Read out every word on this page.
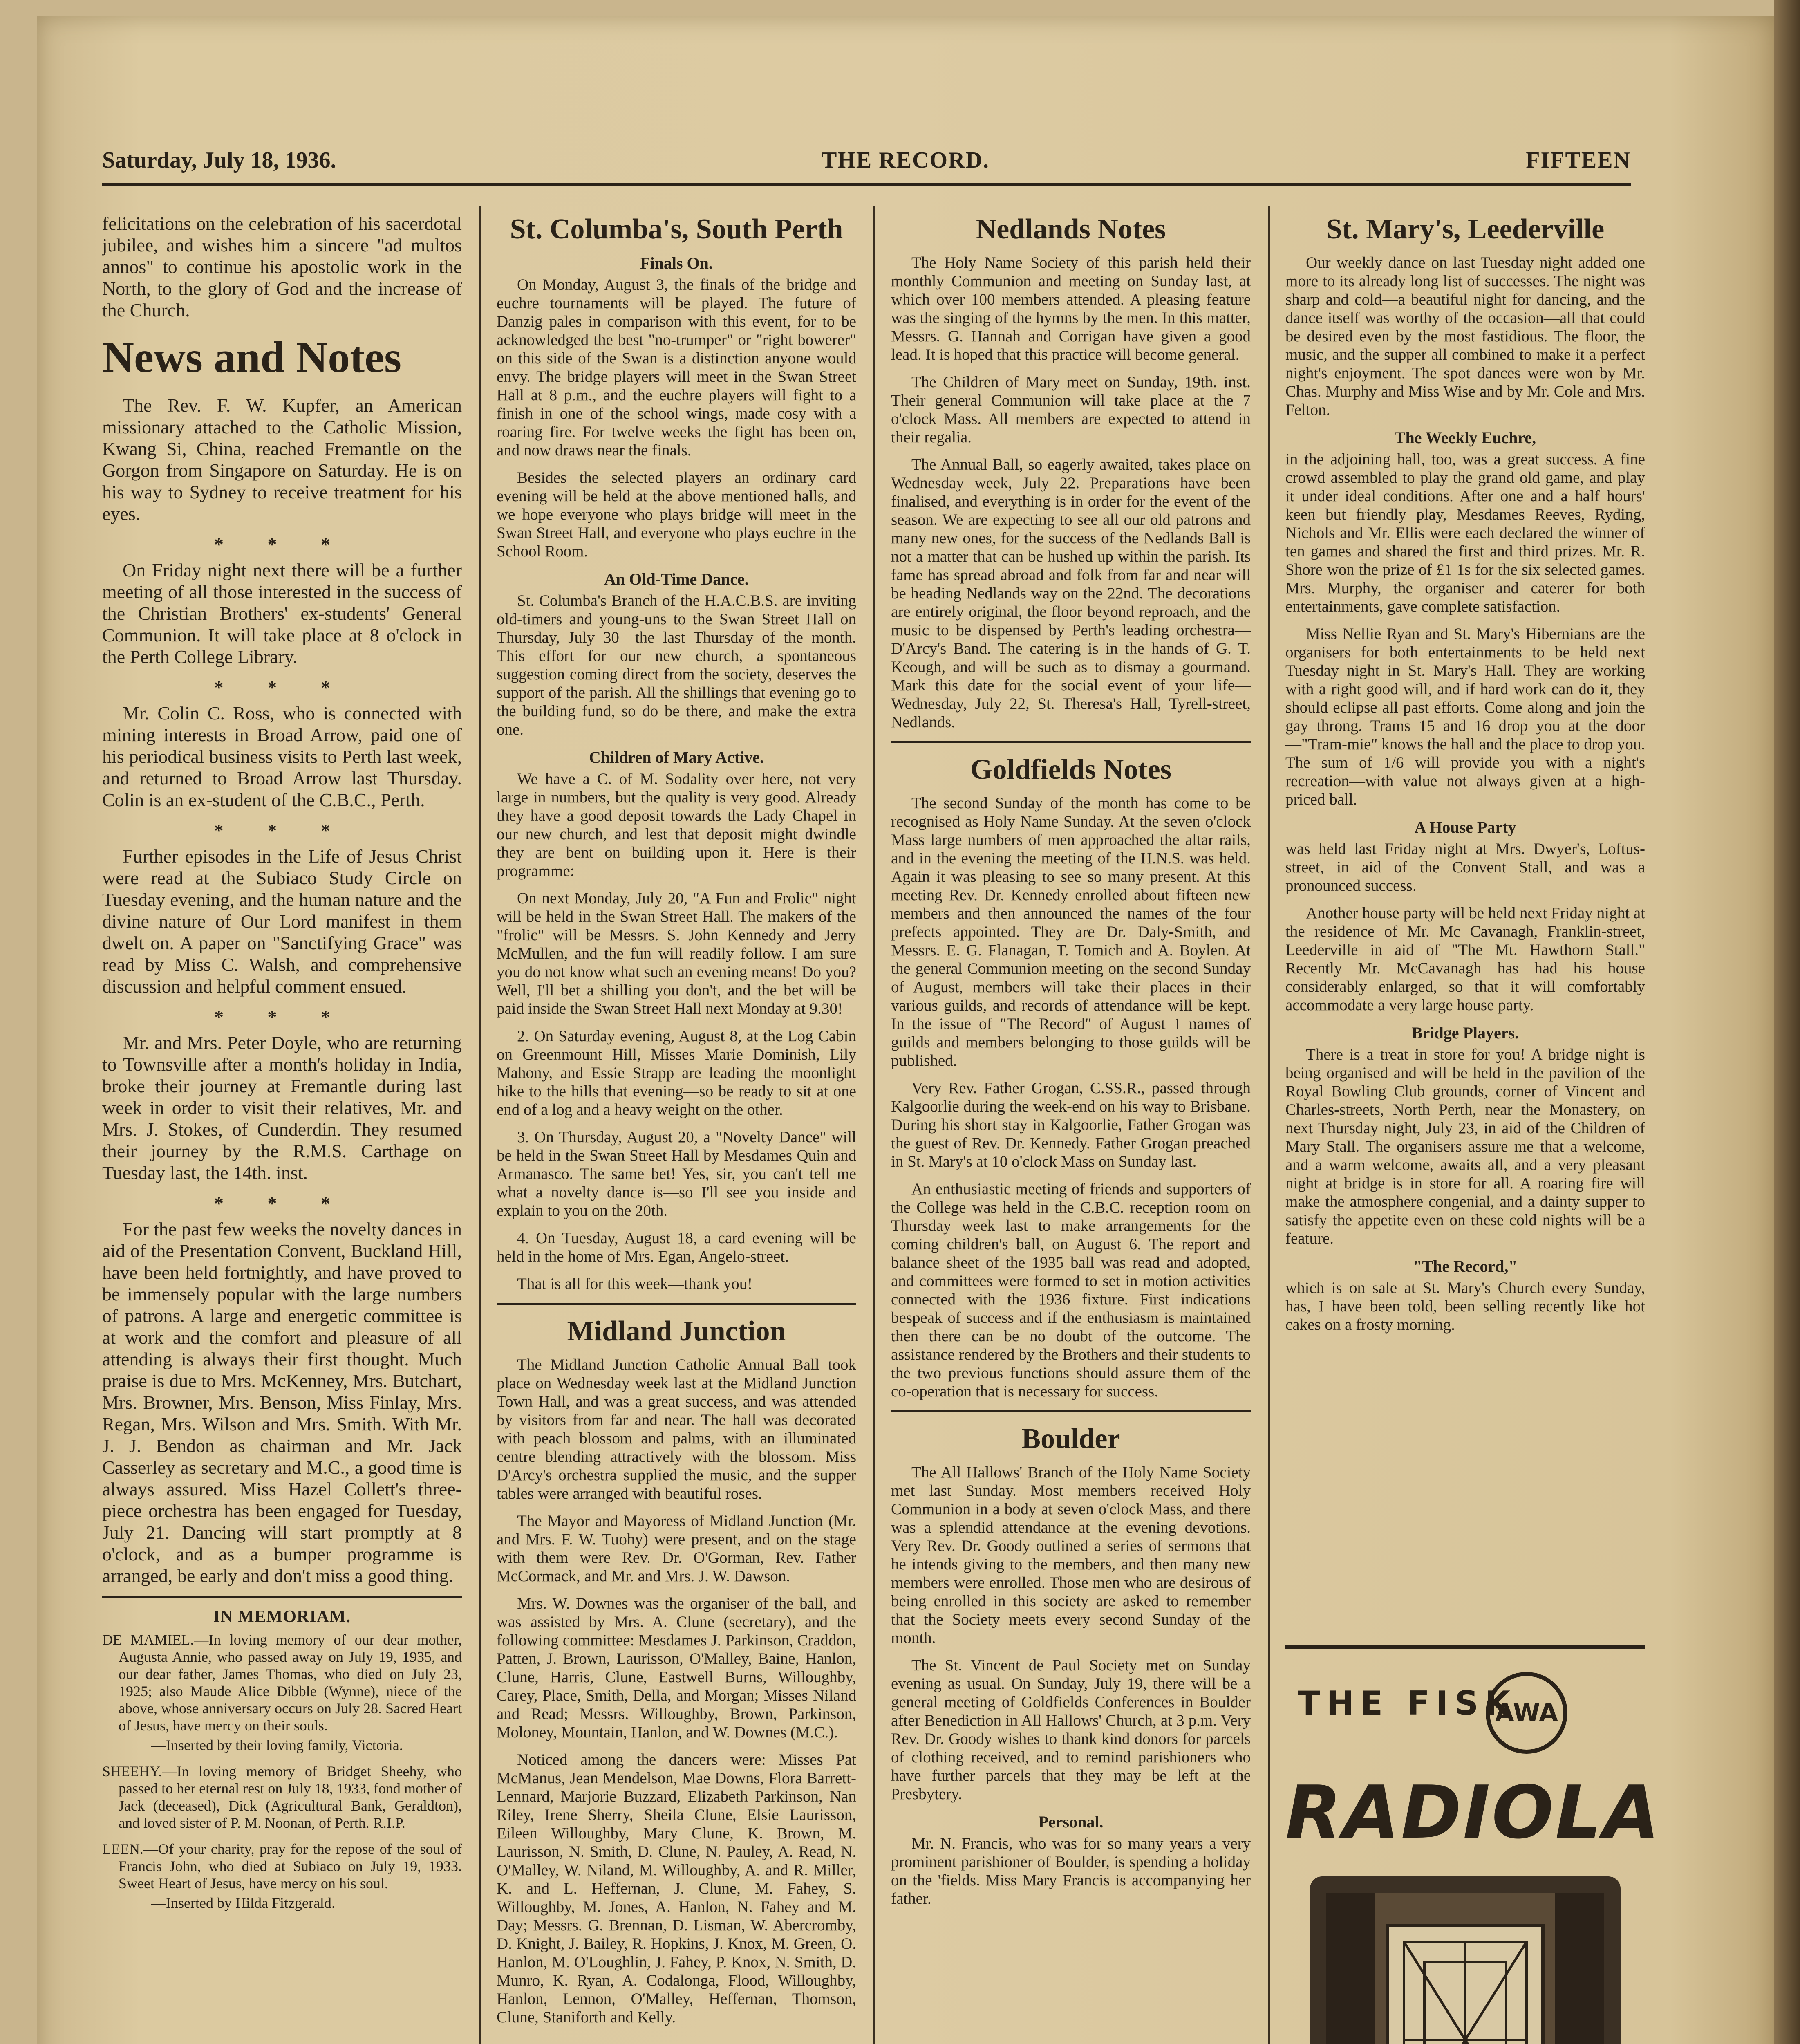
Saturday, July 18, 1936.	THE RECORD.	FIFTEEN

felicitations on the celebration of his sacerdotal jubilee, and wishes him a sincere "ad multos annos" to continue his apostolic work in the North, to the glory of God and the increase of the Church.

News and Notes

The Rev. F. W. Kupfer, an American missionary attached to the Catholic Mission, Kwang Si, China, reached Fremantle on the Gorgon from Singapore on Saturday. He is on his way to Sydney to receive treatment for his eyes.

* * *

On Friday night next there will be a further meeting of all those interested in the success of the Christian Brothers' ex-students' General Communion. It will take place at 8 o'clock in the Perth College Library.

* * *

Mr. Colin C. Ross, who is connected with mining interests in Broad Arrow, paid one of his periodical business visits to Perth last week, and returned to Broad Arrow last Thursday. Colin is an ex-student of the C.B.C., Perth.

* * *

Further episodes in the Life of Jesus Christ were read at the Subiaco Study Circle on Tuesday evening, and the human nature and the divine nature of Our Lord manifest in them dwelt on. A paper on "Sanctifying Grace" was read by Miss C. Walsh, and comprehensive discussion and helpful comment ensued.

* * *

Mr. and Mrs. Peter Doyle, who are returning to Townsville after a month's holiday in India, broke their journey at Fremantle during last week in order to visit their relatives, Mr. and Mrs. J. Stokes, of Cunderdin. They resumed their journey by the R.M.S. Carthage on Tuesday last, the 14th. inst.

* * *

For the past few weeks the novelty dances in aid of the Presentation Convent, Buckland Hill, have been held fortnightly, and have proved to be immensely popular with the large numbers of patrons. A large and energetic committee is at work and the comfort and pleasure of all attending is always their first thought. Much praise is due to Mrs. McKenney, Mrs. Butchart, Mrs. Browner, Mrs. Benson, Miss Finlay, Mrs. Regan, Mrs. Wilson and Mrs. Smith. With Mr. J. J. Bendon as chairman and Mr. Jack Casserley as secretary and M.C., a good time is always assured. Miss Hazel Collett's three-piece orchestra has been engaged for Tuesday, July 21. Dancing will start promptly at 8 o'clock, and as a bumper programme is arranged, be early and don't miss a good thing.

IN MEMORIAM.

DE MAMIEL.—In loving memory of our dear mother, Augusta Annie, who passed away on July 19, 1935, and our dear father, James Thomas, who died on July 23, 1925; also Maude Alice Dibble (Wynne), niece of the above, whose anniversary occurs on July 28. Sacred Heart of Jesus, have mercy on their souls.

—Inserted by their loving family, Victoria.

SHEEHY.—In loving memory of Bridget Sheehy, who passed to her eternal rest on July 18, 1933, fond mother of Jack (deceased), Dick (Agricultural Bank, Geraldton), and loved sister of P. M. Noonan, of Perth. R.I.P.

LEEN.—Of your charity, pray for the repose of the soul of Francis John, who died at Subiaco on July 19, 1933. Sweet Heart of Jesus, have mercy on his soul.

—Inserted by Hilda Fitzgerald.

St. Columba's, South Perth
Finals On.

On Monday, August 3, the finals of the bridge and euchre tournaments will be played. The future of Danzig pales in comparison with this event, for to be acknowledged the best "no-trumper" or "right bowerer" on this side of the Swan is a distinction anyone would envy. The bridge players will meet in the Swan Street Hall at 8 p.m., and the euchre players will fight to a finish in one of the school wings, made cosy with a roaring fire. For twelve weeks the fight has been on, and now draws near the finals.

Besides the selected players an ordinary card evening will be held at the above mentioned halls, and we hope everyone who plays bridge will meet in the Swan Street Hall, and everyone who plays euchre in the School Room.

An Old-Time Dance.

St. Columba's Branch of the H.A.C.B.S. are inviting old-timers and young-uns to the Swan Street Hall on Thursday, July 30—the last Thursday of the month. This effort for our new church, a spontaneous suggestion coming direct from the society, deserves the support of the parish. All the shillings that evening go to the building fund, so do be there, and make the extra one.

Children of Mary Active.

We have a C. of M. Sodality over here, not very large in numbers, but the quality is very good. Already they have a good deposit towards the Lady Chapel in our new church, and lest that deposit might dwindle they are bent on building upon it. Here is their programme:

On next Monday, July 20, "A Fun and Frolic" night will be held in the Swan Street Hall. The makers of the "frolic" will be Messrs. S. John Kennedy and Jerry McMullen, and the fun will readily follow. I am sure you do not know what such an evening means! Do you? Well, I'll bet a shilling you don't, and the bet will be paid inside the Swan Street Hall next Monday at 9.30!

2. On Saturday evening, August 8, at the Log Cabin on Greenmount Hill, Misses Marie Dominish, Lily Mahony, and Essie Strapp are leading the moonlight hike to the hills that evening—so be ready to sit at one end of a log and a heavy weight on the other.

3. On Thursday, August 20, a "Novelty Dance" will be held in the Swan Street Hall by Mesdames Quin and Armanasco. The same bet! Yes, sir, you can't tell me what a novelty dance is—so I'll see you inside and explain to you on the 20th.

4. On Tuesday, August 18, a card evening will be held in the home of Mrs. Egan, Angelo-street.

That is all for this week—thank you!

Midland Junction

The Midland Junction Catholic Annual Ball took place on Wednesday week last at the Midland Junction Town Hall, and was a great success, and was attended by visitors from far and near. The hall was decorated with peach blossom and palms, with an illuminated centre blending attractively with the blossom. Miss D'Arcy's orchestra supplied the music, and the supper tables were arranged with beautiful roses.

The Mayor and Mayoress of Midland Junction (Mr. and Mrs. F. W. Tuohy) were present, and on the stage with them were Rev. Dr. O'Gorman, Rev. Father McCormack, and Mr. and Mrs. J. W. Dawson.

Mrs. W. Downes was the organiser of the ball, and was assisted by Mrs. A. Clune (secretary), and the following committee: Mesdames J. Parkinson, Craddon, Patten, J. Brown, Laurisson, O'Malley, Baine, Hanlon, Clune, Harris, Clune, Eastwell Burns, Willoughby, Carey, Place, Smith, Della, and Morgan; Misses Niland and Read; Messrs. Willoughby, Brown, Parkinson, Moloney, Mountain, Hanlon, and W. Downes (M.C.).

Noticed among the dancers were: Misses Pat McManus, Jean Mendelson, Mae Downs, Flora Barrett-Lennard, Marjorie Buzzard, Elizabeth Parkinson, Nan Riley, Irene Sherry, Sheila Clune, Elsie Laurisson, Eileen Willoughby, Mary Clune, K. Brown, M. Laurisson, N. Smith, D. Clune, N. Pauley, A. Read, N. O'Malley, W. Niland, M. Willoughby, A. and R. Miller, K. and L. Heffernan, J. Clune, M. Fahey, S. Willoughby, M. Jones, A. Hanlon, N. Fahey and M. Day; Messrs. G. Brennan, D. Lisman, W. Abercromby, D. Knight, J. Bailey, R. Hopkins, J. Knox, M. Green, O. Hanlon, M. O'Loughlin, J. Fahey, P. Knox, N. Smith, D. Munro, K. Ryan, A. Codalonga, Flood, Willoughby, Hanlon, Lennon, O'Malley, Heffernan, Thomson, Clune, Staniforth and Kelly.

Nedlands Notes

The Holy Name Society of this parish held their monthly Communion and meeting on Sunday last, at which over 100 members attended. A pleasing feature was the singing of the hymns by the men. In this matter, Messrs. G. Hannah and Corrigan have given a good lead. It is hoped that this practice will become general.

The Children of Mary meet on Sunday, 19th. inst. Their general Communion will take place at the 7 o'clock Mass. All members are expected to attend in their regalia.

The Annual Ball, so eagerly awaited, takes place on Wednesday week, July 22. Preparations have been finalised, and everything is in order for the event of the season. We are expecting to see all our old patrons and many new ones, for the success of the Nedlands Ball is not a matter that can be hushed up within the parish. Its fame has spread abroad and folk from far and near will be heading Nedlands way on the 22nd. The decorations are entirely original, the floor beyond reproach, and the music to be dispensed by Perth's leading orchestra—D'Arcy's Band. The catering is in the hands of G. T. Keough, and will be such as to dismay a gourmand. Mark this date for the social event of your life—Wednesday, July 22, St. Theresa's Hall, Tyrell-street, Nedlands.

Goldfields Notes

The second Sunday of the month has come to be recognised as Holy Name Sunday. At the seven o'clock Mass large numbers of men approached the altar rails, and in the evening the meeting of the H.N.S. was held. Again it was pleasing to see so many present. At this meeting Rev. Dr. Kennedy enrolled about fifteen new members and then announced the names of the four prefects appointed. They are Dr. Daly-Smith, and Messrs. E. G. Flanagan, T. Tomich and A. Boylen. At the general Communion meeting on the second Sunday of August, members will take their places in their various guilds, and records of attendance will be kept. In the issue of "The Record" of August 1 names of guilds and members belonging to those guilds will be published.

Very Rev. Father Grogan, C.SS.R., passed through Kalgoorlie during the week-end on his way to Brisbane. During his short stay in Kalgoorlie, Father Grogan was the guest of Rev. Dr. Kennedy. Father Grogan preached in St. Mary's at 10 o'clock Mass on Sunday last.

An enthusiastic meeting of friends and supporters of the College was held in the C.B.C. reception room on Thursday week last to make arrangements for the coming children's ball, on August 6. The report and balance sheet of the 1935 ball was read and adopted, and committees were formed to set in motion activities connected with the 1936 fixture. First indications bespeak of success and if the enthusiasm is maintained then there can be no doubt of the outcome. The assistance rendered by the Brothers and their students to the two previous functions should assure them of the co-operation that is necessary for success.

Boulder

The All Hallows' Branch of the Holy Name Society met last Sunday. Most members received Holy Communion in a body at seven o'clock Mass, and there was a splendid attendance at the evening devotions. Very Rev. Dr. Goody outlined a series of sermons that he intends giving to the members, and then many new members were enrolled. Those men who are desirous of being enrolled in this society are asked to remember that the Society meets every second Sunday of the month.

The St. Vincent de Paul Society met on Sunday evening as usual. On Sunday, July 19, there will be a general meeting of Goldfields Conferences in Boulder after Benediction in All Hallows' Church, at 3 p.m. Very Rev. Dr. Goody wishes to thank kind donors for parcels of clothing received, and to remind parishioners who have further parcels that they may be left at the Presbytery.

Personal.

Mr. N. Francis, who was for so many years a very prominent parishioner of Boulder, is spending a holiday on the 'fields. Miss Mary Francis is accompanying her father.

St. Mary's, Leederville

Our weekly dance on last Tuesday night added one more to its already long list of successes. The night was sharp and cold—a beautiful night for dancing, and the dance itself was worthy of the occasion—all that could be desired even by the most fastidious. The floor, the music, and the supper all combined to make it a perfect night's enjoyment. The spot dances were won by Mr. Chas. Murphy and Miss Wise and by Mr. Cole and Mrs. Felton.

The Weekly Euchre,

in the adjoining hall, too, was a great success. A fine crowd assembled to play the grand old game, and play it under ideal conditions. After one and a half hours' keen but friendly play, Mesdames Reeves, Ryding, Nichols and Mr. Ellis were each declared the winner of ten games and shared the first and third prizes. Mr. R. Shore won the prize of £1 1s for the six selected games. Mrs. Murphy, the organiser and caterer for both entertainments, gave complete satisfaction.

Miss Nellie Ryan and St. Mary's Hibernians are the organisers for both entertainments to be held next Tuesday night in St. Mary's Hall. They are working with a right good will, and if hard work can do it, they should eclipse all past efforts. Come along and join the gay throng. Trams 15 and 16 drop you at the door—"Tram-mie" knows the hall and the place to drop you. The sum of 1/6 will provide you with a night's recreation—with value not always given at a high-priced ball.

A House Party

was held last Friday night at Mrs. Dwyer's, Loftus-street, in aid of the Convent Stall, and was a pronounced success.

Another house party will be held next Friday night at the residence of Mr. Mc Cavanagh, Franklin-street, Leederville in aid of "The Mt. Hawthorn Stall." Recently Mr. McCavanagh has had his house considerably enlarged, so that it will comfortably accommodate a very large house party.

Bridge Players.

There is a treat in store for you! A bridge night is being organised and will be held in the pavilion of the Royal Bowling Club grounds, corner of Vincent and Charles-streets, North Perth, near the Monastery, on next Thursday night, July 23, in aid of the Children of Mary Stall. The organisers assure me that a welcome, and a warm welcome, awaits all, and a very pleasant night at bridge is in store for all. A roaring fire will make the atmosphere congenial, and a dainty supper to satisfy the appetite even on these cold nights will be a feature.

"The Record,"

which is on sale at St. Mary's Church every Sunday, has, I have been told, been selling recently like hot cakes on a frosty morning.

THE FISK
AWA
RADIOLA
